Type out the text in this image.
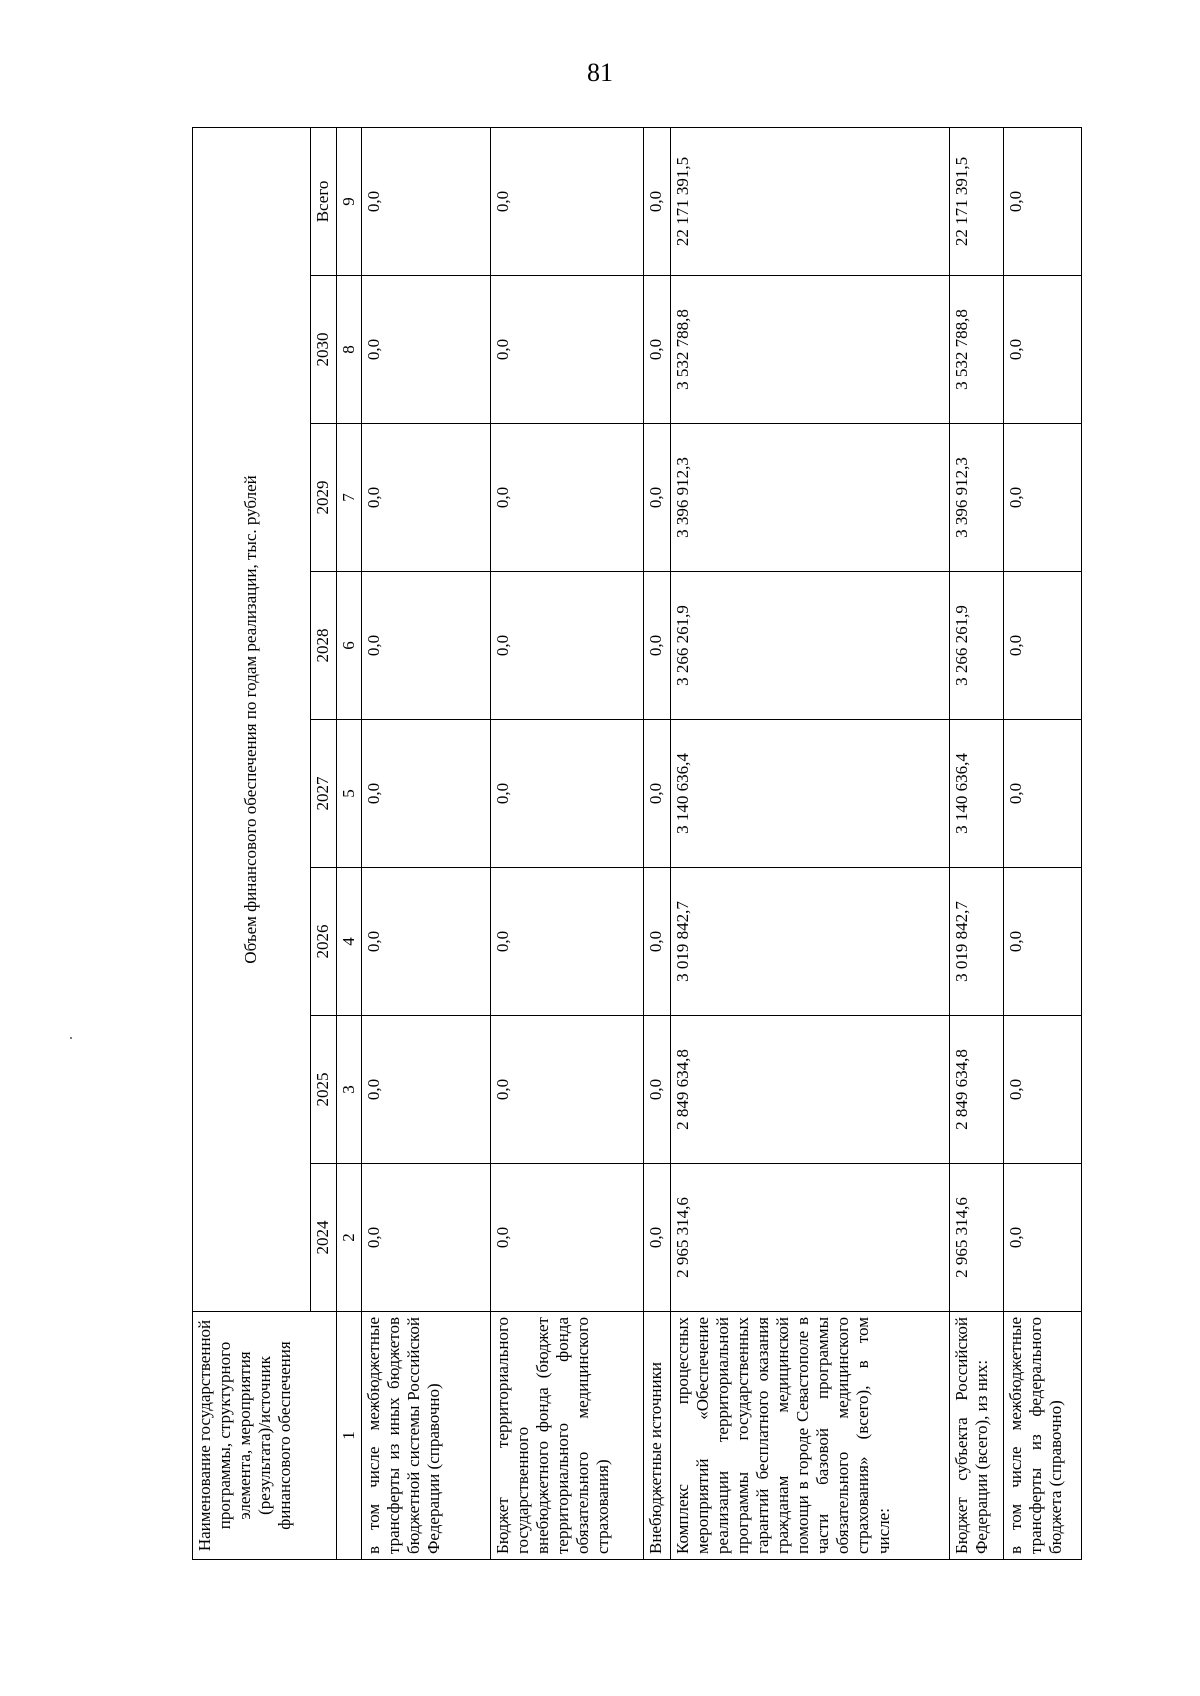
81
Наименование государственной программы, структурного элемента, мероприятия (результата)/источник финансового обеспечения	Объем финансового обеспечения по годам реализации, тыс. рублей							
	2024	2025	2026	2027	2028	2029	2030	Всего
1	2	3	4	5	6	7	8	9
в том числе межбюджетные трансферты из иных бюджетов бюджетной системы Российской Федерации (справочно)	0,0	0,0	0,0	0,0	0,0	0,0	0,0	0,0
Бюджет территориального государственного внебюджетного фонда (бюджет территориального фонда обязательного медицинского страхования)	0,0	0,0	0,0	0,0	0,0	0,0	0,0	0,0
Внебюджетные источники	0,0	0,0	0,0	0,0	0,0	0,0	0,0	0,0
Комплекс процессных мероприятий «Обеспечение реализации территориальной программы государственных гарантий бесплатного оказания гражданам медицинской помощи в городе Севастополе в части базовой программы обязательного медицинского страхования» (всего), в том числе:	2 965 314,6	2 849 634,8	3 019 842,7	3 140 636,4	3 266 261,9	3 396 912,3	3 532 788,8	22 171 391,5
Бюджет субъекта Российской Федерации (всего), из них:	2 965 314,6	2 849 634,8	3 019 842,7	3 140 636,4	3 266 261,9	3 396 912,3	3 532 788,8	22 171 391,5
в том числе межбюджетные трансферты из федерального бюджета (справочно)	0,0	0,0	0,0	0,0	0,0	0,0	0,0	0,0
